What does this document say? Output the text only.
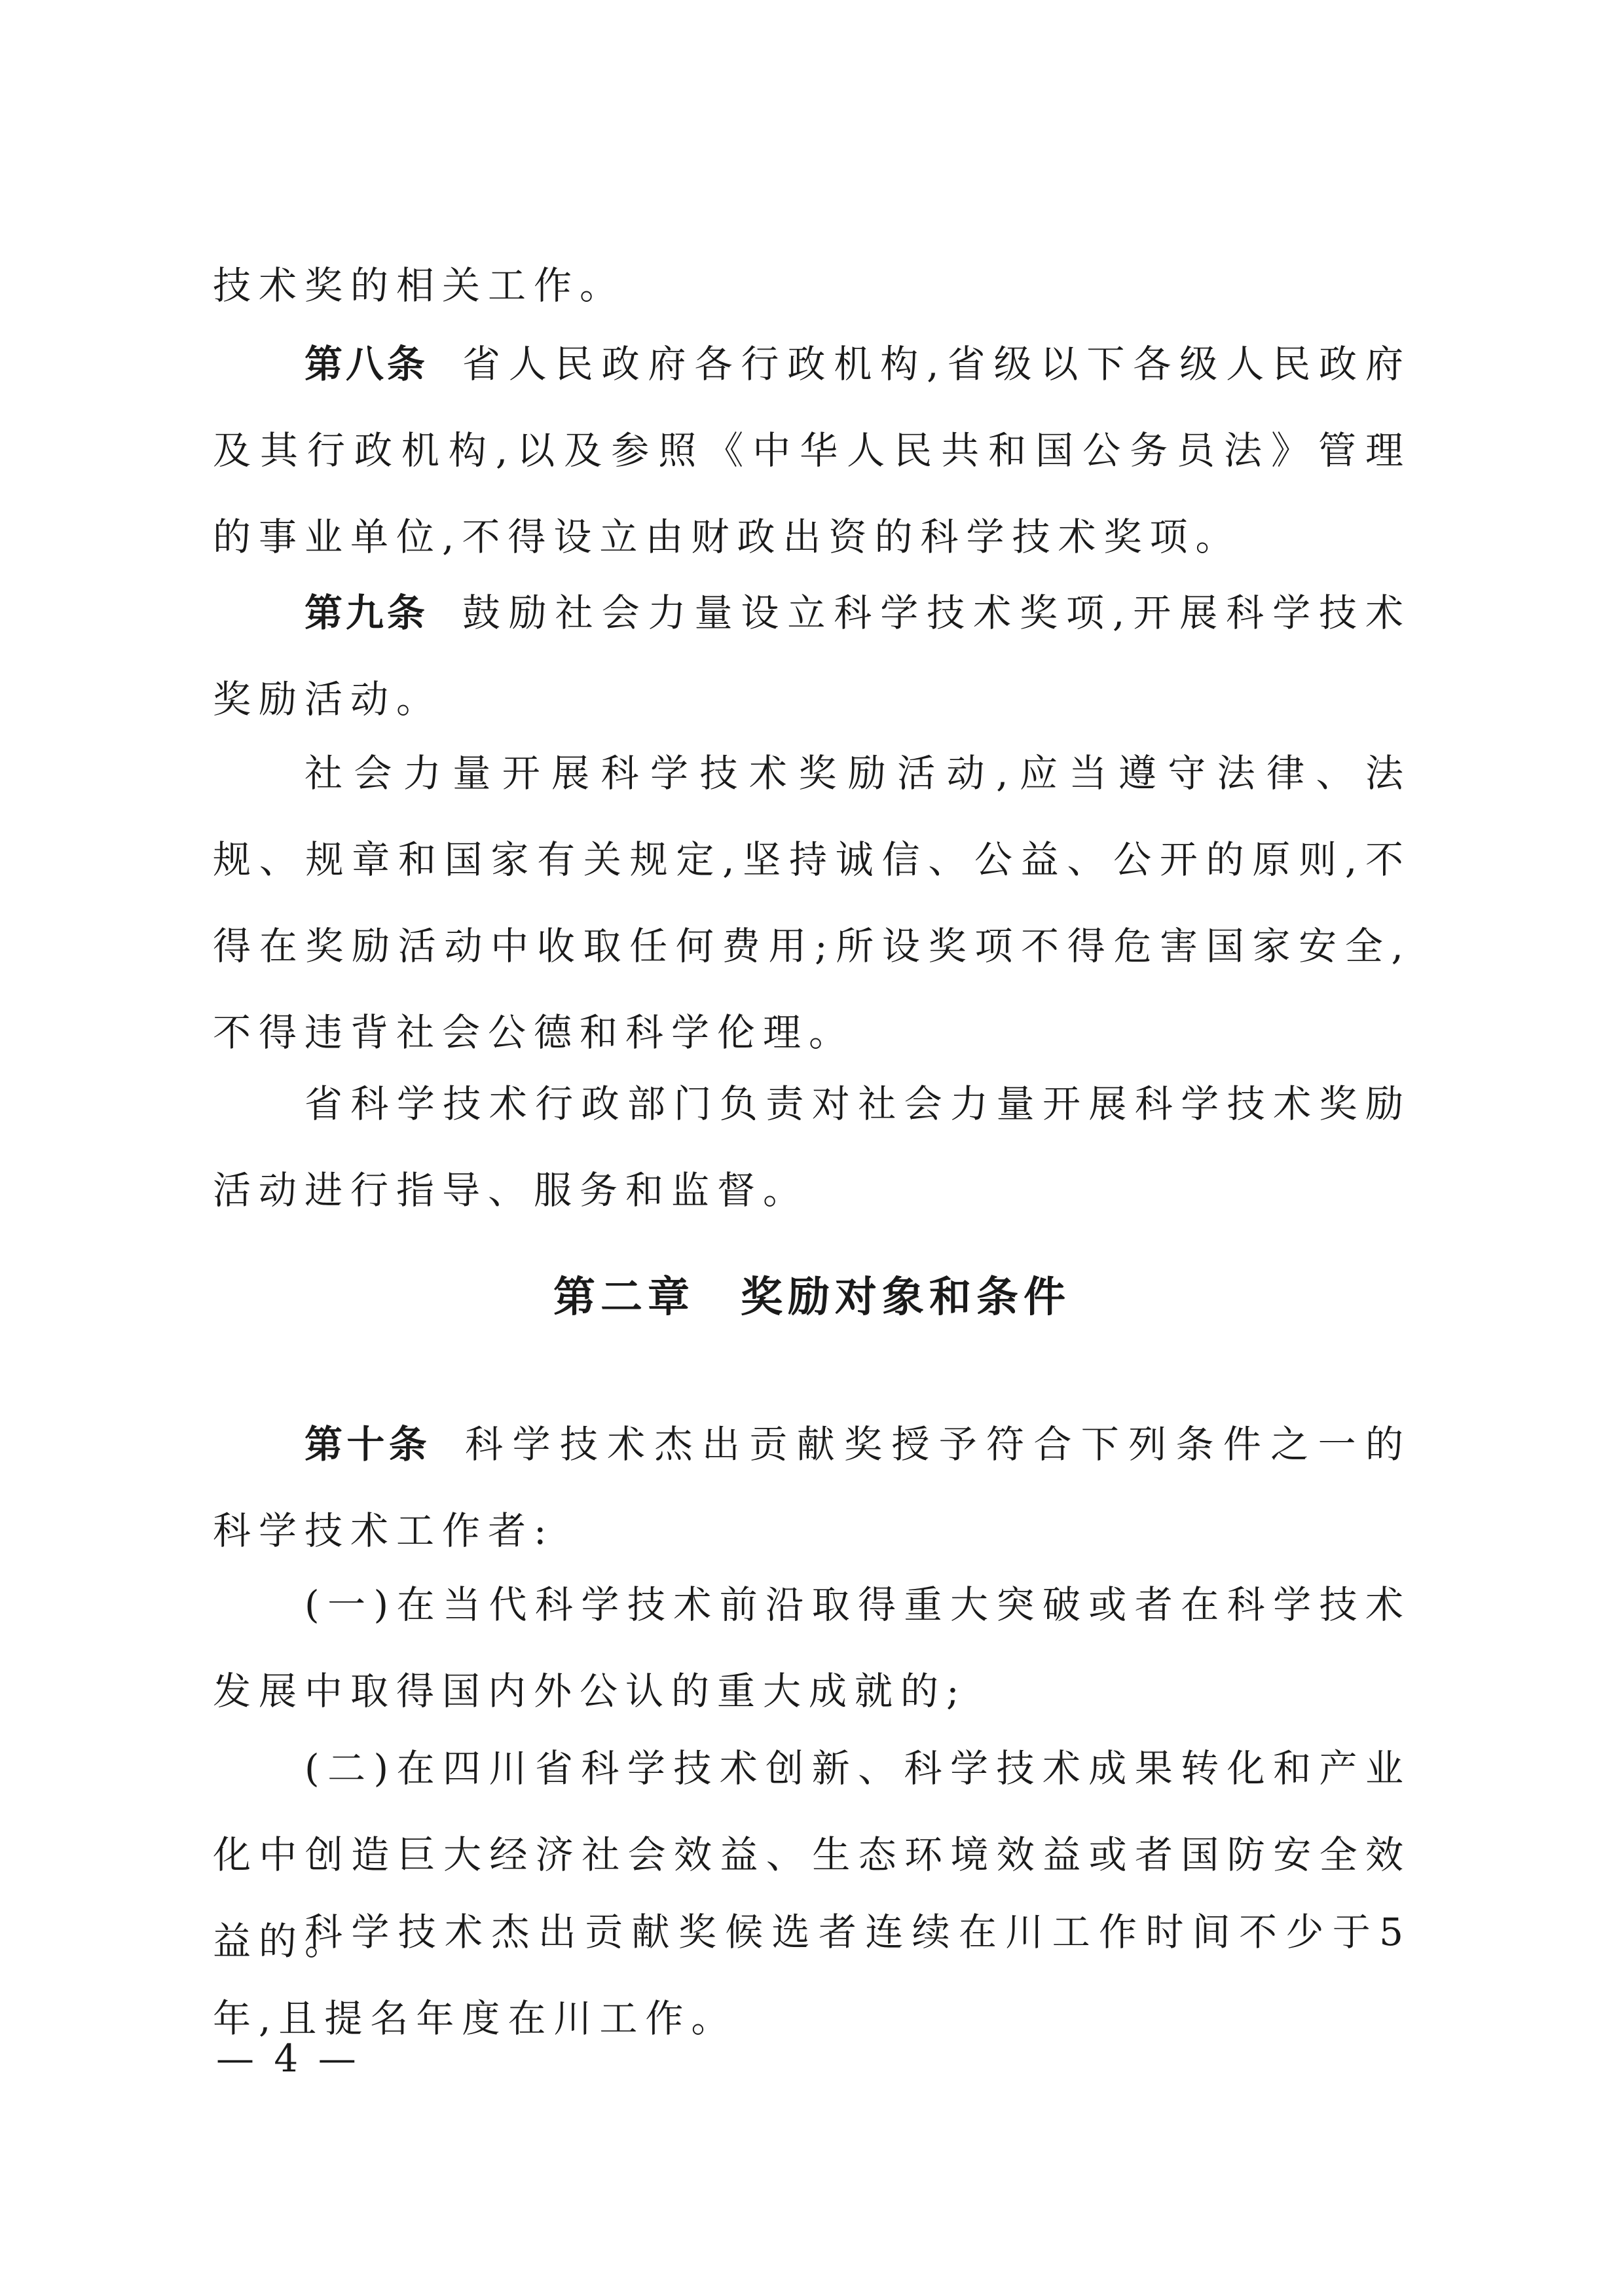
技术奖的相关工作。

第八条 省人民政府各行政机构,省级以下各级人民政府及其行政机构,以及参照《中华人民共和国公务员法》管理的事业单位,不得设立由财政出资的科学技术奖项。

第九条 鼓励社会力量设立科学技术奖项,开展科学技术奖励活动。

社会力量开展科学技术奖励活动,应当遵守法律、法规、规章和国家有关规定,坚持诚信、公益、公开的原则,不得在奖励活动中收取任何费用;所设奖项不得危害国家安全,不得违背社会公德和科学伦理。

省科学技术行政部门负责对社会力量开展科学技术奖励活动进行指导、服务和监督。

第二章 奖励对象和条件

第十条 科学技术杰出贡献奖授予符合下列条件之一的科学技术工作者:

(一)在当代科学技术前沿取得重大突破或者在科学技术发展中取得国内外公认的重大成就的;

(二)在四川省科学技术创新、科学技术成果转化和产业化中创造巨大经济社会效益、生态环境效益或者国防安全效益的。

科学技术杰出贡献奖候选者连续在川工作时间不少于5年,且提名年度在川工作。

— 4 —
